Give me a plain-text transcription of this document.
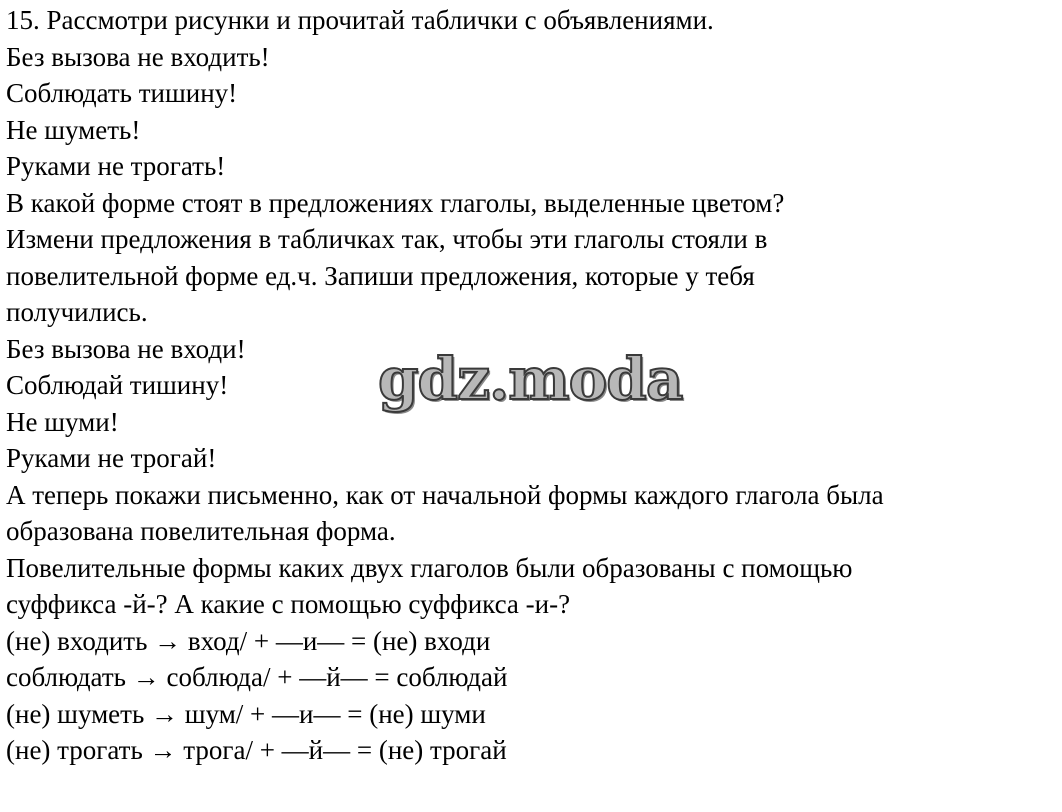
15. Рассмотри рисунки и прочитай таблички с объявлениями.
Без вызова не входить!
Соблюдать тишину!
Не шуметь!
Руками не трогать!
В какой форме стоят в предложениях глаголы, выделенные цветом?
Измени предложения в табличках так, чтобы эти глаголы стояли в
повелительной форме ед.ч. Запиши предложения, которые у тебя
получились.
Без вызова не входи!
Соблюдай тишину!
Не шуми!
Руками не трогай!
А теперь покажи письменно, как от начальной формы каждого глагола была
образована повелительная форма.
Повелительные формы каких двух глаголов были образованы с помощью
суффикса -й-? А какие с помощью суффикса -и-?
(не) входить → вход/ + —и— = (не) входи
соблюдать → соблюда/ + —й— = соблюдай
(не) шуметь → шум/ + —и— = (не) шуми
(не) трогать → трога/ + —й— = (не) трогай
gdz.moda
